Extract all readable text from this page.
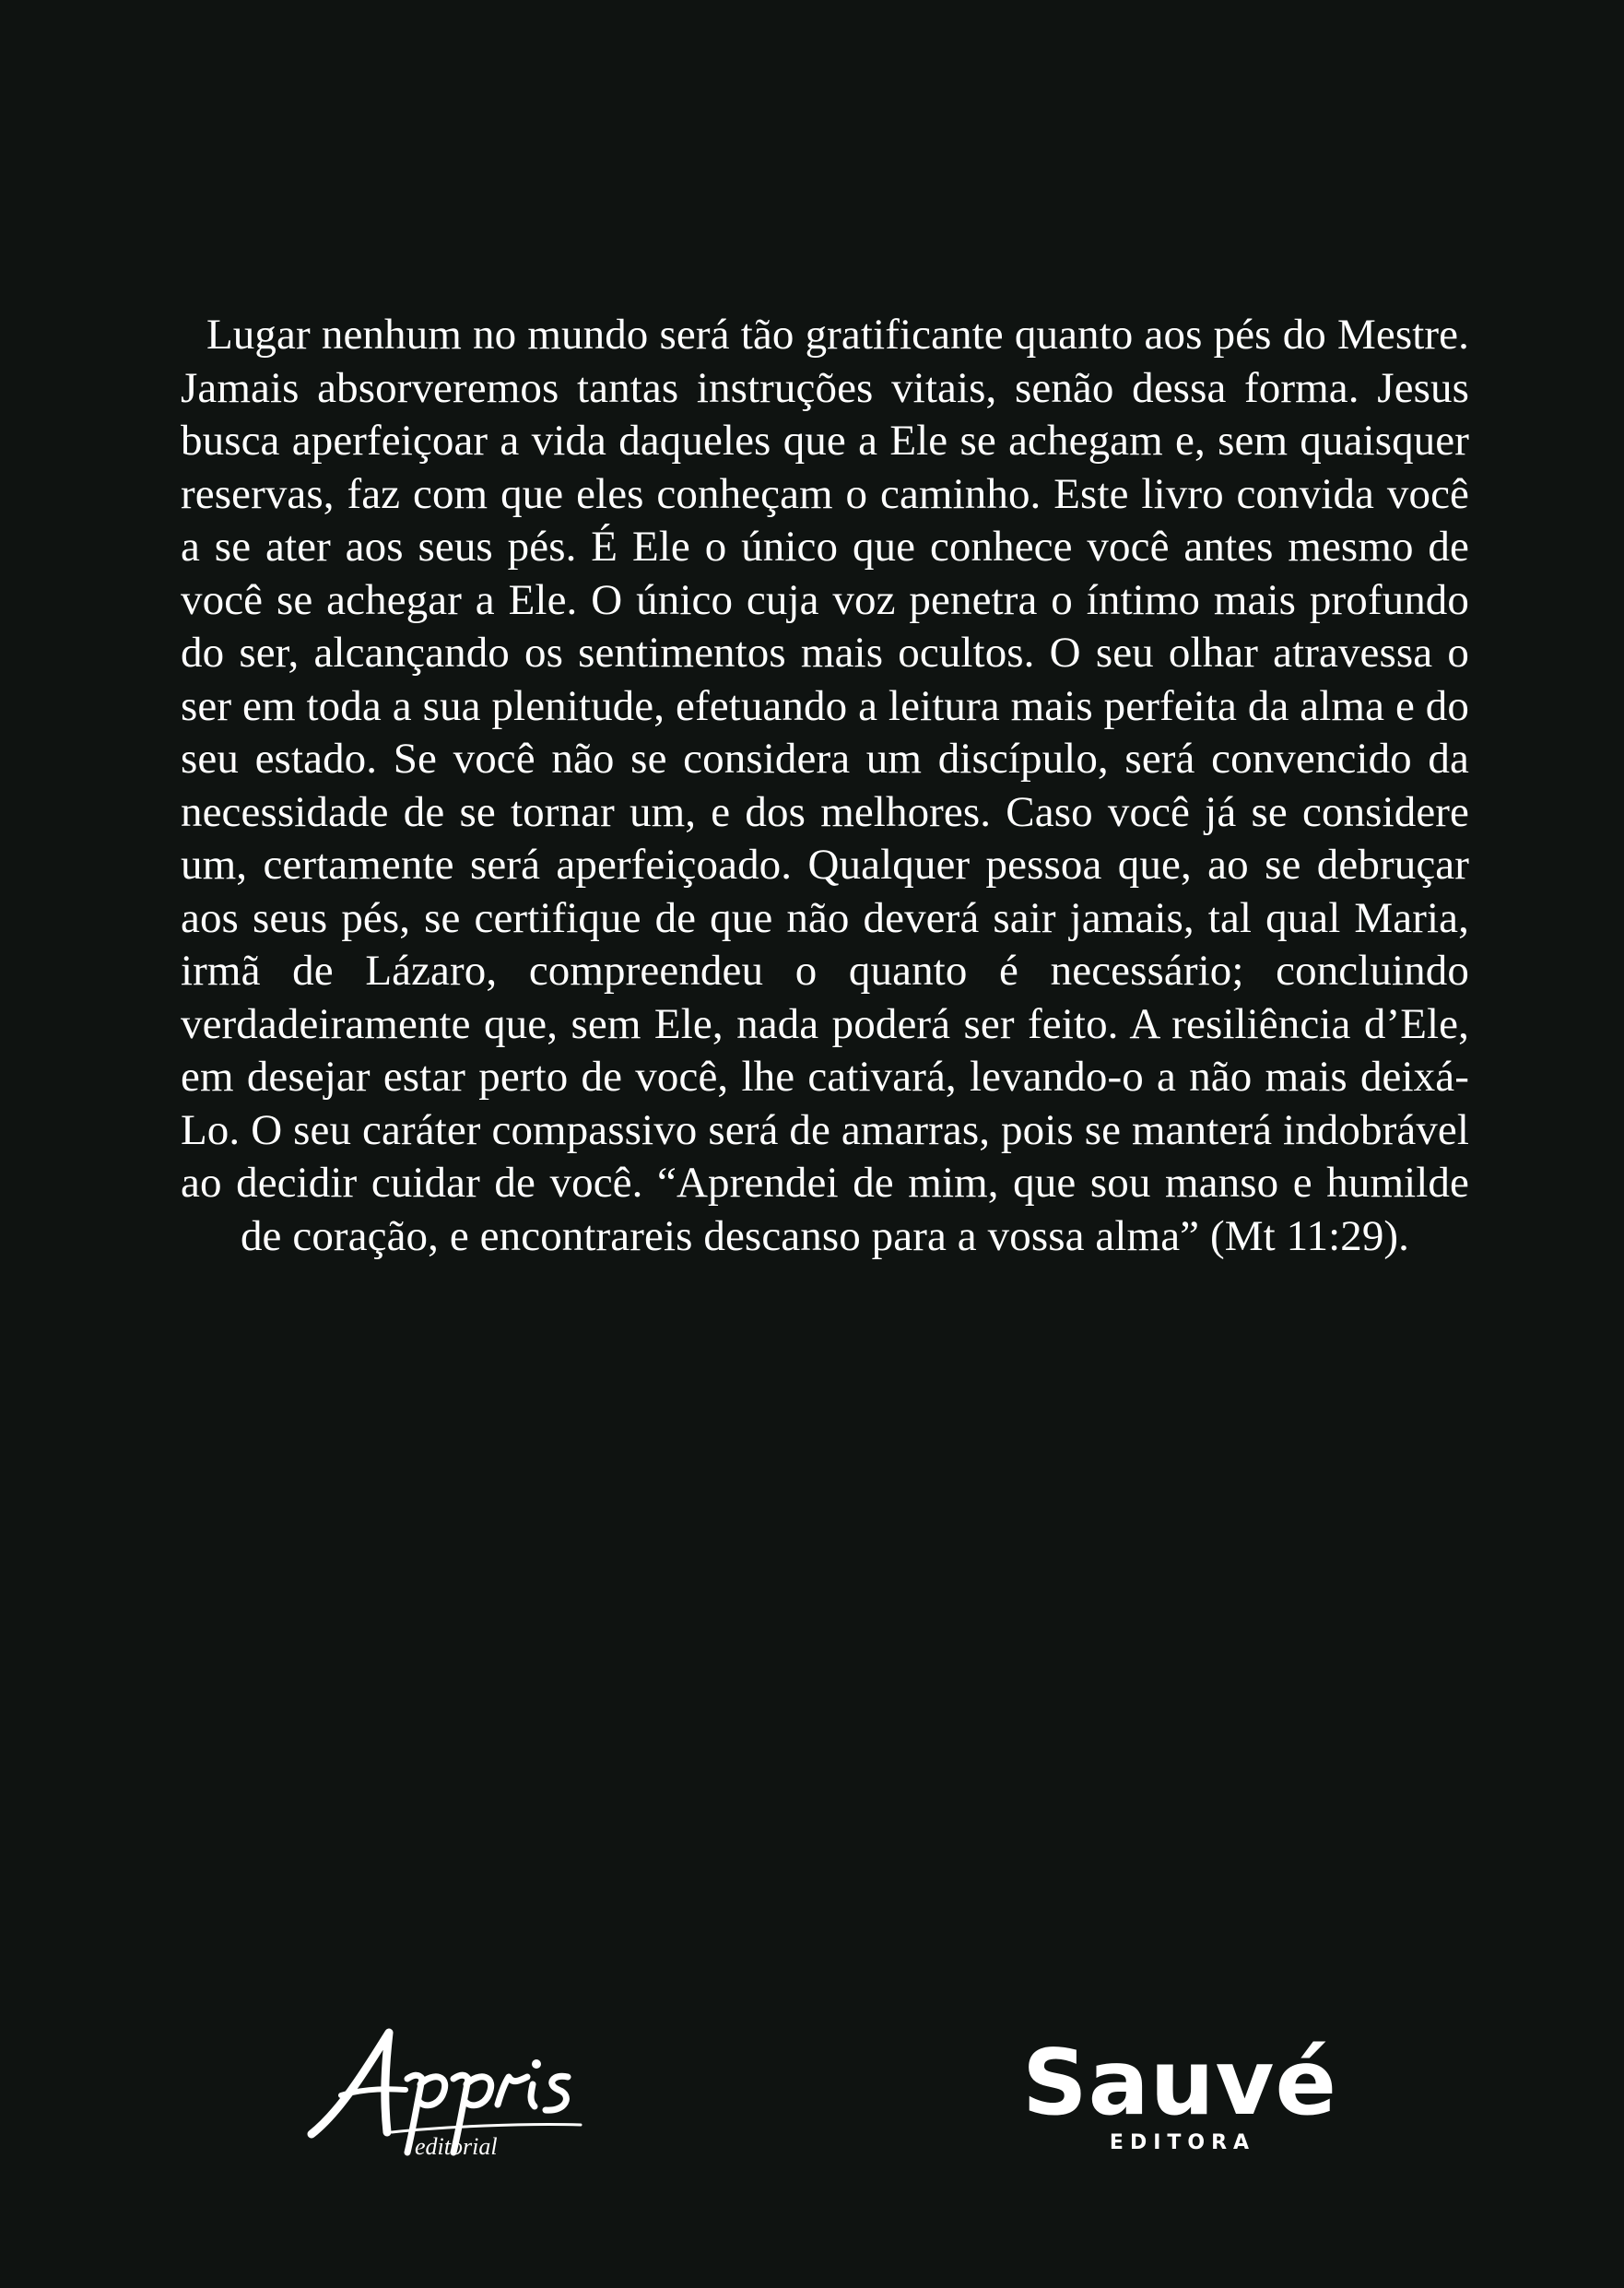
Lugar nenhum no mundo será tão gratificante quanto aos pés do Mestre. Jamais absorveremos tantas instruções vitais, senão dessa forma. Jesus busca aperfeiçoar a vida daqueles que a Ele se achegam e, sem quaisquer reservas, faz com que eles conheçam o caminho. Este livro convida você a se ater aos seus pés. É Ele o único que conhece você antes mesmo de você se achegar a Ele. O único cuja voz penetra o íntimo mais profundo do ser, alcançando os sentimentos mais ocultos. O seu olhar atravessa o ser em toda a sua plenitude, efetuando a leitura mais perfeita da alma e do seu estado. Se você não se considera um discípulo, será convencido da necessidade de se tornar um, e dos melhores. Caso você já se considere um, certamente será aperfeiçoado. Qualquer pessoa que, ao se debruçar aos seus pés, se certifique de que não deverá sair jamais, tal qual Maria, irmã de Lázaro, compreendeu o quanto é necessário; concluindo verdadeiramente que, sem Ele, nada poderá ser feito. A resiliência d’Ele, em desejar estar perto de você, lhe cativará, levando-o a não mais deixá-Lo. O seu caráter compassivo será de amarras, pois se manterá indobrável ao decidir cuidar de você. “Aprendei de mim, que sou manso e humilde de coração, e encontrareis descanso para a vossa alma” (Mt 11:29).

editorial
Sauvé
EDITORA
